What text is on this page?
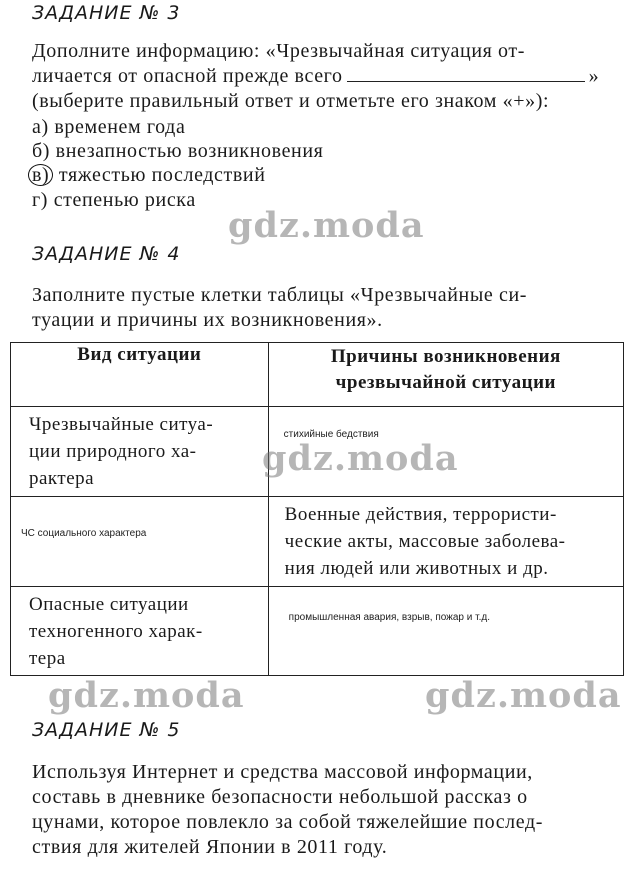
ЗАДАНИЕ № 3
Дополните информацию: «Чрезвычайная ситуация от-
личается от опасной прежде всего	»
(выберите правильный ответ и отметьте его знаком «+»):
а) временем года
б) внезапностью возникновения
в) тяжестью последствий
г) степенью риска
ЗАДАНИЕ № 4
Заполните пустые клетки таблицы «Чрезвычайные си-
туации и причины их возникновения».
Вид ситуации	Причины возникновения
чрезвычайной ситуации

Чрезвычайные ситуа-
ции природного ха-
рактера	стихийные бедствия
ЧС социального характера	Военные действия, террористи-
ческие акты, массовые заболева-
ния людей или животных и др.

Опасные ситуации
техногенного харак-
тера	промышленная авария, взрыв, пожар и т.д.
ЗАДАНИЕ № 5
Используя Интернет и средства массовой информации,
составь в дневнике безопасности небольшой рассказ о
цунами, которое повлекло за собой тяжелейшие послед-
ствия для жителей Японии в 2011 году.
gdz.moda
gdz.moda
gdz.moda	gdz.moda
